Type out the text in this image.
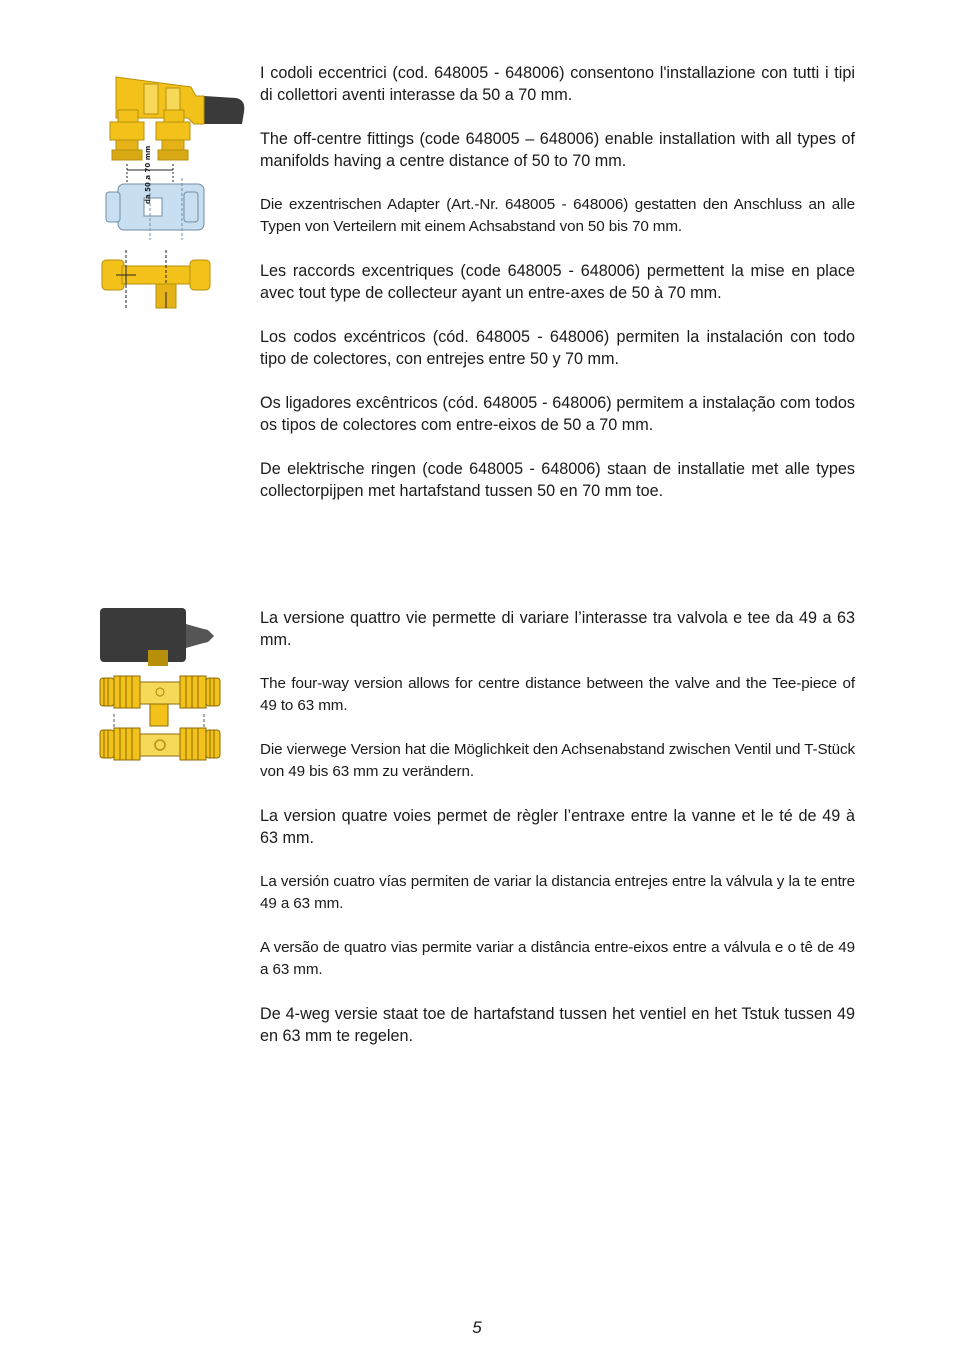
da 50 a 70 mm

I codoli eccentrici (cod. 648005 - 648006) consentono l'installazione con tutti i tipi di collettori aventi interasse da 50 a 70 mm.

The off-centre fittings (code 648005 – 648006) enable installation with all types of manifolds having a centre distance of 50 to 70 mm.

Die exzentrischen Adapter (Art.-Nr. 648005 - 648006) gestatten den Anschluss an alle Typen von Verteilern mit einem Achsabstand von 50 bis 70 mm.

Les raccords excentriques (code 648005 - 648006) permettent la mise en place avec tout type de collecteur ayant un entre-axes de 50 à 70 mm.

Los codos excéntricos (cód. 648005 - 648006) permiten la instalación con todo tipo de colectores, con entrejes entre 50 y 70 mm.

Os ligadores excêntricos (cód. 648005 - 648006) permitem a instalação com todos os tipos de colectores com entre-eixos de 50 a 70 mm.

De elektrische ringen (code 648005 - 648006) staan de installatie met alle types collectorpijpen met hartafstand tussen 50 en 70 mm toe.

La versione quattro vie permette di variare l’interasse tra valvola e tee da 49 a 63 mm.

The four-way version allows for centre distance between the valve and the Tee-piece of 49 to 63 mm.

Die vierwege Version hat die Möglichkeit den Achsenabstand zwischen Ventil und T-Stück von 49 bis 63 mm zu verändern.

La version quatre voies permet de règler l’entraxe entre la vanne et le té de 49 à 63 mm.

La versión cuatro vías permiten de variar la distancia entrejes entre la válvula y la te entre 49 a 63 mm.

A versão de quatro vias permite variar a distância entre-eixos entre a válvula e o tê de 49 a 63 mm.

De 4-weg versie staat toe de hartafstand tussen het ventiel en het Tstuk tussen 49 en 63 mm te regelen.

5
